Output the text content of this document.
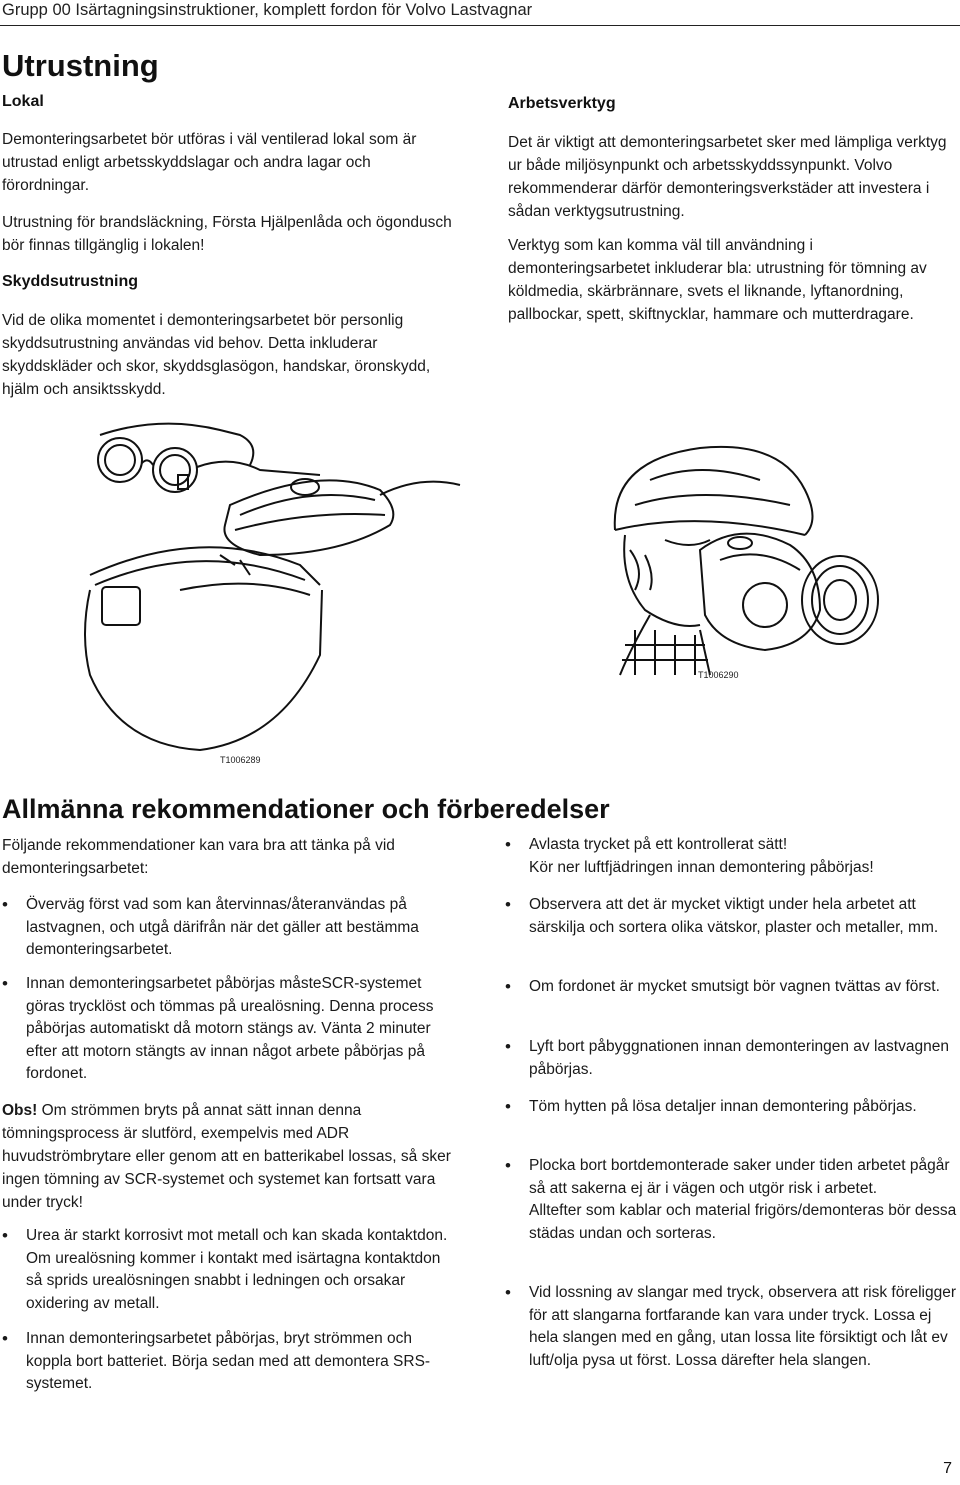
Grupp 00 Isärtagningsinstruktioner, komplett fordon för Volvo Lastvagnar
Utrustning
Lokal

Demonteringsarbetet bör utföras i väl ventilerad lokal som är utrustad enligt arbetsskyddslagar och andra lagar och förordningar.

Utrustning för brandsläckning, Första Hjälpenlåda och ögondusch bör finnas tillgänglig i lokalen!

Skyddsutrustning

Vid de olika momentet i demonteringsarbetet bör personlig skyddsutrustning användas vid behov. Detta inkluderar skyddskläder och skor, skyddsglasögon, handskar, öronskydd, hjälm och ansiktsskydd.

Arbetsverktyg

Det är viktigt att demonteringsarbetet sker med lämpliga verktyg ur både miljösynpunkt och arbetsskyddssynpunkt. Volvo rekommenderar därför demonteringsverkstäder att investera i sådan verktygsutrustning.

Verktyg som kan komma väl till användning i demonteringsarbetet inkluderar bla: utrustning för tömning av köldmedia, skärbrännare, svets el liknande, lyftanordning, pallbockar, spett, skiftnycklar, hammare och mutterdragare.

T1006289
T1006290
Allmänna rekommendationer och förberedelser

Följande rekommendationer kan vara bra att tänka på vid demonteringsarbetet:

• Överväg först vad som kan återvinnas/återanvändas på lastvagnen, och utgå därifrån när det gäller att bestämma demonteringsarbetet.
• Innan demonteringsarbetet påbörjas måsteSCR-systemet göras trycklöst och tömmas på urealösning. Denna process påbörjas automatiskt då motorn stängs av. Vänta 2 minuter efter att motorn stängts av innan något arbete påbörjas på fordonet.

Obs! Om strömmen bryts på annat sätt innan denna tömningsprocess är slutförd, exempelvis med ADR huvudströmbrytare eller genom att en batterikabel lossas, så sker ingen tömning av SCR-systemet och systemet kan fortsatt vara under tryck!

• Urea är starkt korrosivt mot metall och kan skada kontaktdon. Om urealösning kommer i kontakt med isärtagna kontaktdon så sprids urealösningen snabbt i ledningen och orsakar oxidering av metall.
• Innan demonteringsarbetet påbörjas, bryt strömmen och koppla bort batteriet. Börja sedan med att demontera SRS-systemet.
• Avlasta trycket på ett kontrollerat sätt!
Kör ner luftfjädringen innan demontering påbörjas!
• Observera att det är mycket viktigt under hela arbetet att särskilja och sortera olika vätskor, plaster och metaller, mm.
• Om fordonet är mycket smutsigt bör vagnen tvättas av först.
• Lyft bort påbyggnationen innan demonteringen av lastvagnen påbörjas.
• Töm hytten på lösa detaljer innan demontering påbörjas.
• Plocka bort bortdemonterade saker under tiden arbetet pågår så att sakerna ej är i vägen och utgör risk i arbetet.
Alltefter som kablar och material frigörs/demonteras bör dessa städas undan och sorteras.
• Vid lossning av slangar med tryck, observera att risk föreligger för att slangarna fortfarande kan vara under tryck. Lossa ej hela slangen med en gång, utan lossa lite försiktigt och låt ev luft/olja pysa ut först. Lossa därefter hela slangen.
7
